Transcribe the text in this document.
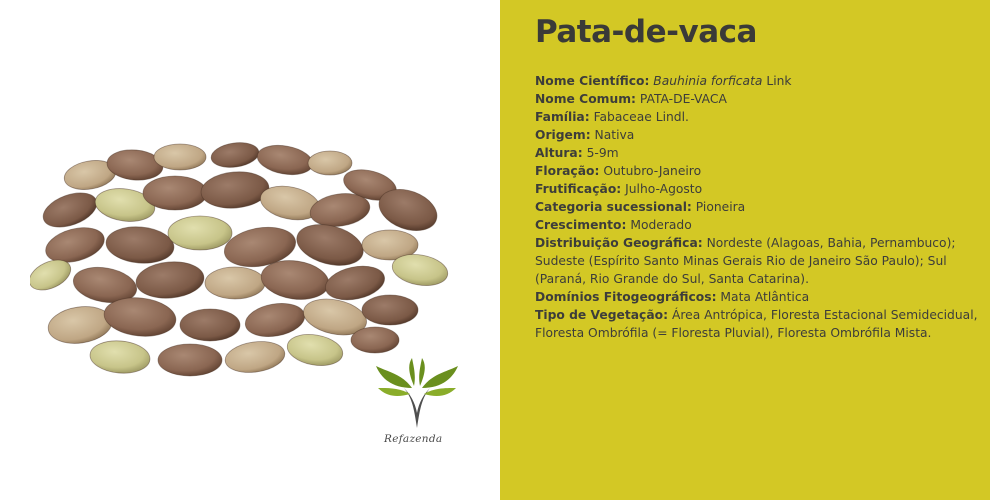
Refazenda
Pata-de-vaca
Nome Científico: Bauhinia forficata Link
Nome Comum: PATA-DE-VACA
Família: Fabaceae Lindl.
Origem: Nativa
Altura: 5-9m
Floração: Outubro-Janeiro
Frutificação: Julho-Agosto
Categoria sucessional: Pioneira
Crescimento: Moderado
Distribuição Geográfica: Nordeste (Alagoas, Bahia, Pernambuco); Sudeste (Espírito Santo Minas Gerais Rio de Janeiro São Paulo); Sul (Paraná, Rio Grande do Sul, Santa Catarina).
Domínios Fitogeográficos: Mata Atlântica
Tipo de Vegetação: Área Antrópica, Floresta Estacional Semidecidual, Floresta Ombrófila (= Floresta Pluvial), Floresta Ombrófila Mista.
